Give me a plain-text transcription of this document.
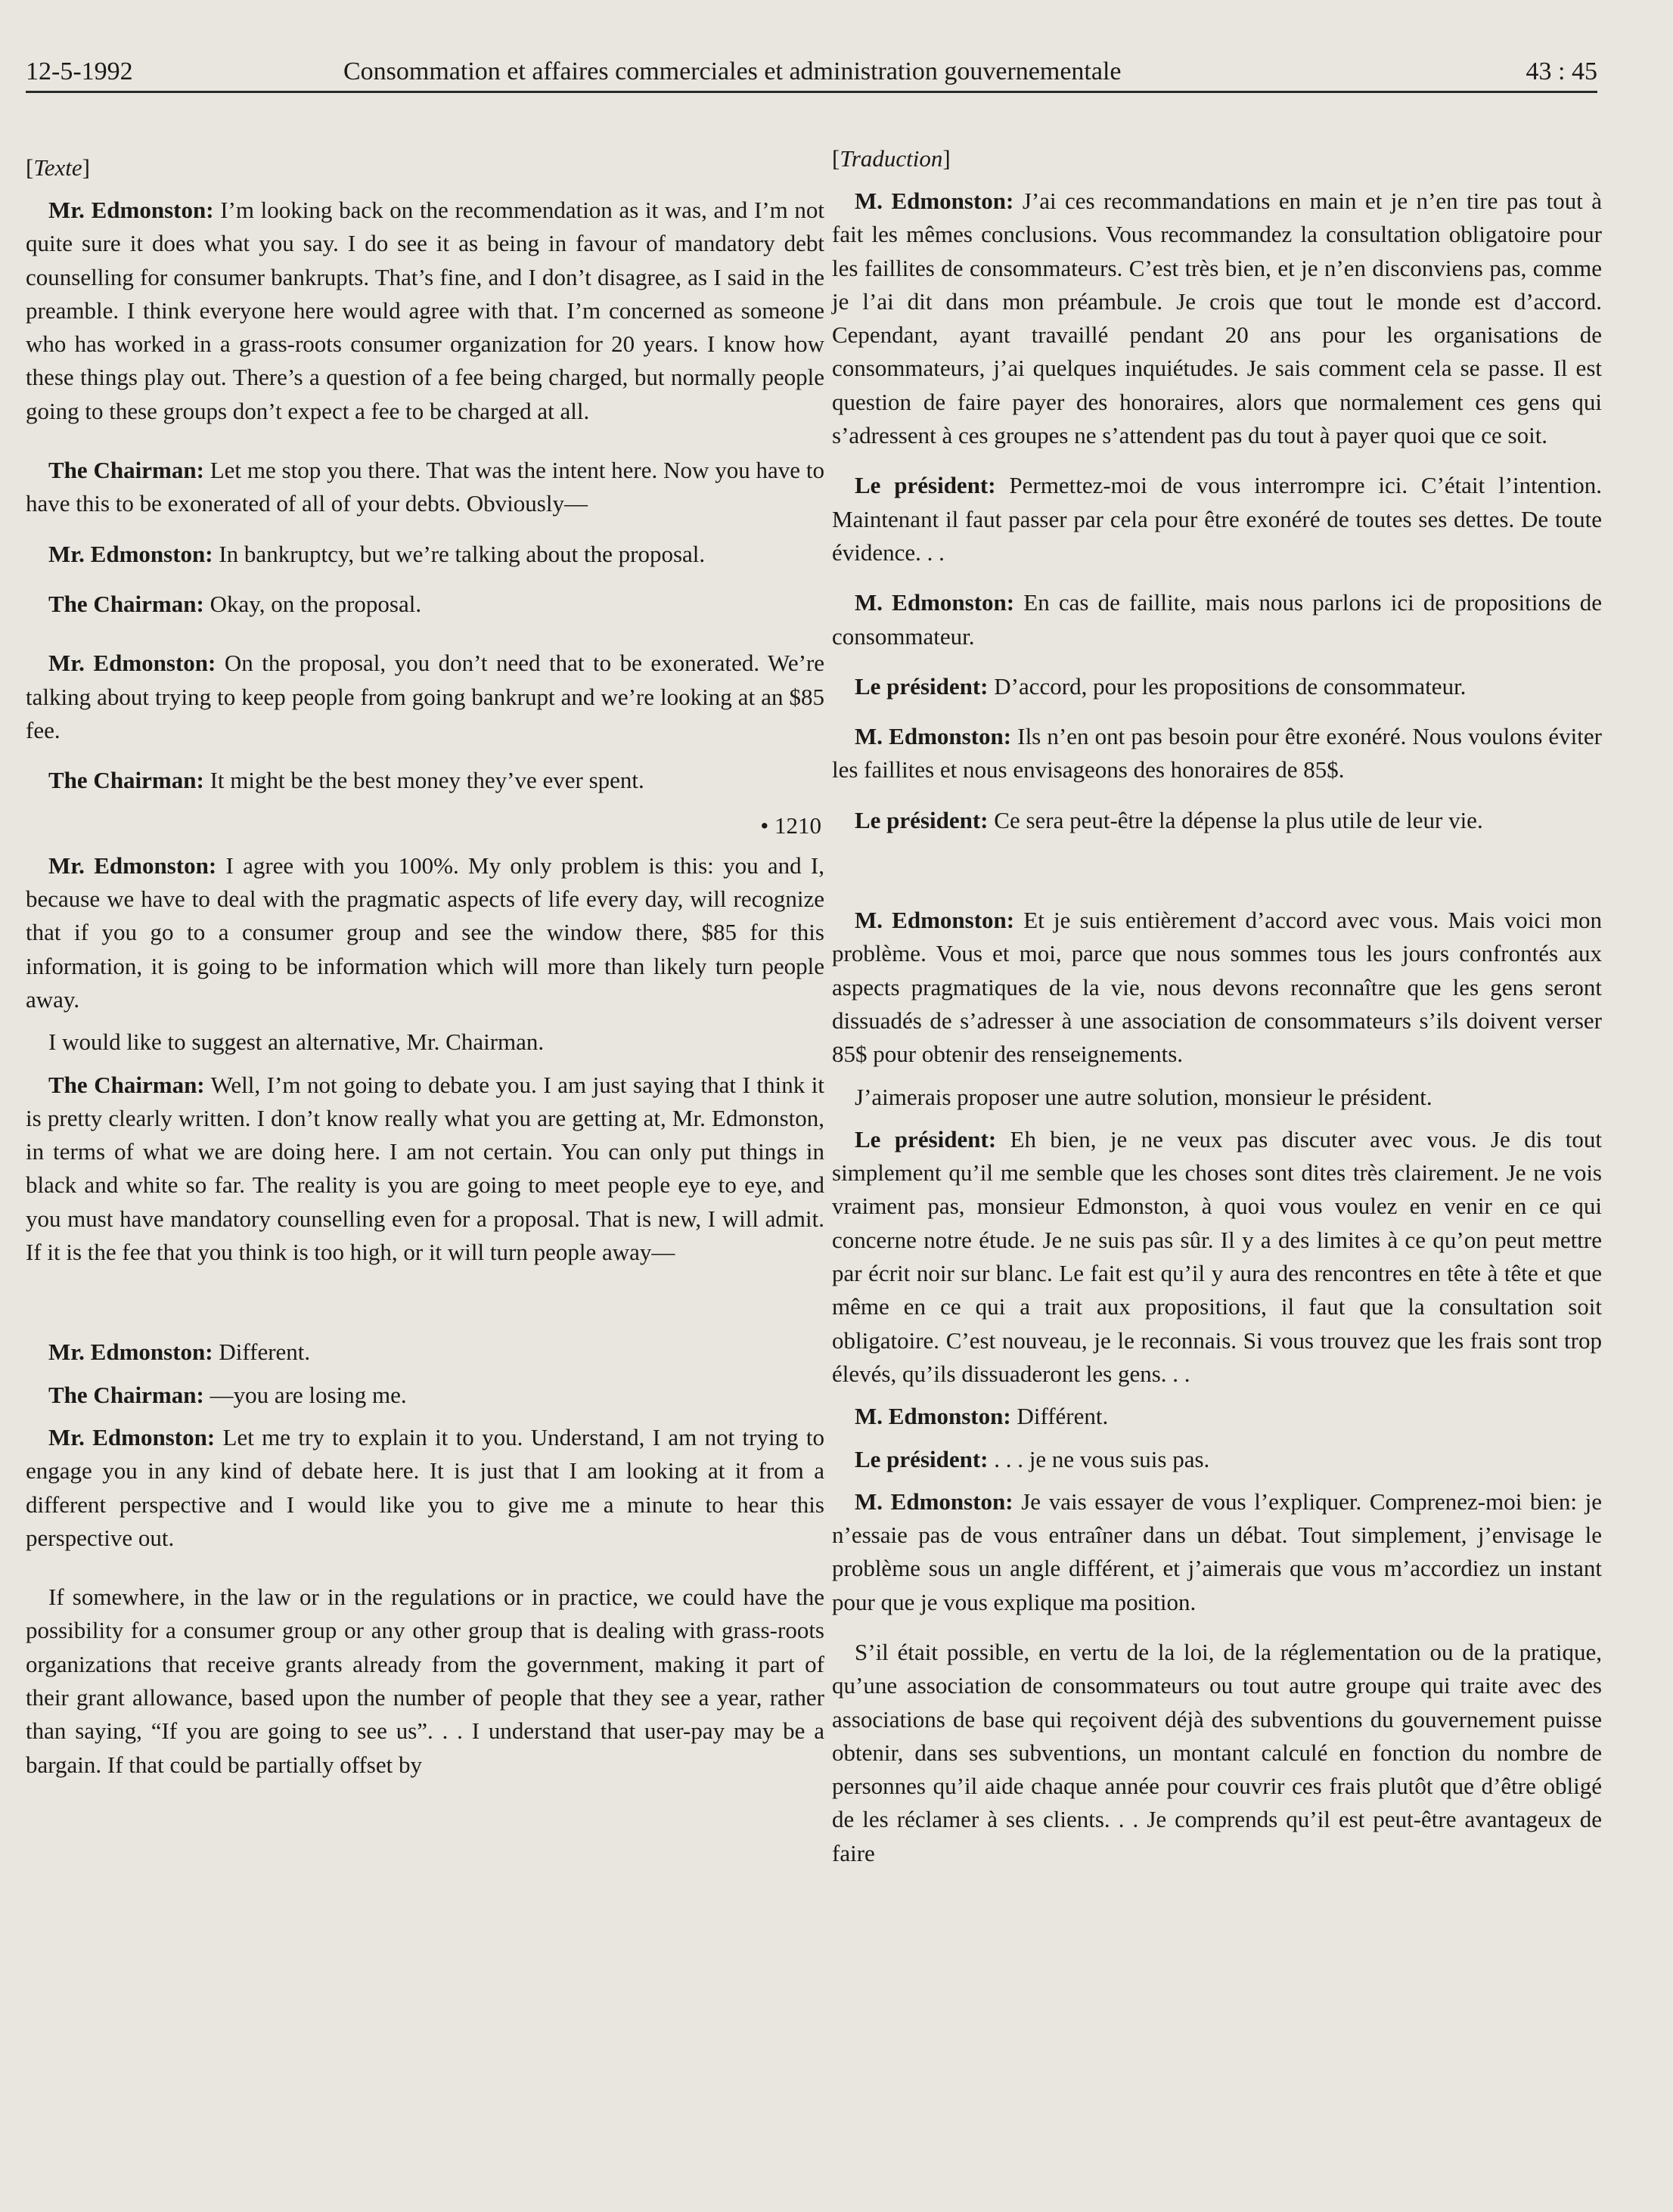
12-5-1992	Consommation et affaires commerciales et administration gouvernementale	43 : 45
[Texte]

Mr. Edmonston: I’m looking back on the recommendation as it was, and I’m not quite sure it does what you say. I do see it as being in favour of mandatory debt counselling for consumer bankrupts. That’s fine, and I don’t disagree, as I said in the preamble. I think everyone here would agree with that. I’m concerned as someone who has worked in a grass-roots consumer organization for 20 years. I know how these things play out. There’s a question of a fee being charged, but normally people going to these groups don’t expect a fee to be charged at all.

The Chairman: Let me stop you there. That was the intent here. Now you have to have this to be exonerated of all of your debts. Obviously—

Mr. Edmonston: In bankruptcy, but we’re talking about the proposal.

The Chairman: Okay, on the proposal.

Mr. Edmonston: On the proposal, you don’t need that to be exonerated. We’re talking about trying to keep people from going bankrupt and we’re looking at an $85 fee.

The Chairman: It might be the best money they’ve ever spent.

• 1210

Mr. Edmonston: I agree with you 100%. My only problem is this: you and I, because we have to deal with the pragmatic aspects of life every day, will recognize that if you go to a consumer group and see the window there, $85 for this information, it is going to be information which will more than likely turn people away.

I would like to suggest an alternative, Mr. Chairman.

The Chairman: Well, I’m not going to debate you. I am just saying that I think it is pretty clearly written. I don’t know really what you are getting at, Mr. Edmonston, in terms of what we are doing here. I am not certain. You can only put things in black and white so far. The reality is you are going to meet people eye to eye, and you must have mandatory counselling even for a proposal. That is new, I will admit. If it is the fee that you think is too high, or it will turn people away—

Mr. Edmonston: Different.

The Chairman: —you are losing me.

Mr. Edmonston: Let me try to explain it to you. Understand, I am not trying to engage you in any kind of debate here. It is just that I am looking at it from a different perspective and I would like you to give me a minute to hear this perspective out.

If somewhere, in the law or in the regulations or in practice, we could have the possibility for a consumer group or any other group that is dealing with grass-roots organizations that receive grants already from the government, making it part of their grant allowance, based upon the number of people that they see a year, rather than saying, “If you are going to see us”. . . I understand that user-pay may be a bargain. If that could be partially offset by

[Traduction]

M. Edmonston: J’ai ces recommandations en main et je n’en tire pas tout à fait les mêmes conclusions. Vous recommandez la consultation obligatoire pour les faillites de consommateurs. C’est très bien, et je n’en disconviens pas, comme je l’ai dit dans mon préambule. Je crois que tout le monde est d’accord. Cependant, ayant travaillé pendant 20 ans pour les organisations de consommateurs, j’ai quelques inquiétudes. Je sais comment cela se passe. Il est question de faire payer des honoraires, alors que normalement ces gens qui s’adressent à ces groupes ne s’attendent pas du tout à payer quoi que ce soit.

Le président: Permettez-moi de vous interrompre ici. C’était l’intention. Maintenant il faut passer par cela pour être exonéré de toutes ses dettes. De toute évidence. . .

M. Edmonston: En cas de faillite, mais nous parlons ici de propositions de consommateur.

Le président: D’accord, pour les propositions de consommateur.

M. Edmonston: Ils n’en ont pas besoin pour être exonéré. Nous voulons éviter les faillites et nous envisageons des honoraires de 85$.

Le président: Ce sera peut-être la dépense la plus utile de leur vie.

M. Edmonston: Et je suis entièrement d’accord avec vous. Mais voici mon problème. Vous et moi, parce que nous sommes tous les jours confrontés aux aspects pragmatiques de la vie, nous devons reconnaître que les gens seront dissuadés de s’adresser à une association de consommateurs s’ils doivent verser 85$ pour obtenir des renseignements.

J’aimerais proposer une autre solution, monsieur le président.

Le président: Eh bien, je ne veux pas discuter avec vous. Je dis tout simplement qu’il me semble que les choses sont dites très clairement. Je ne vois vraiment pas, monsieur Edmonston, à quoi vous voulez en venir en ce qui concerne notre étude. Je ne suis pas sûr. Il y a des limites à ce qu’on peut mettre par écrit noir sur blanc. Le fait est qu’il y aura des rencontres en tête à tête et que même en ce qui a trait aux propositions, il faut que la consultation soit obligatoire. C’est nouveau, je le reconnais. Si vous trouvez que les frais sont trop élevés, qu’ils dissuaderont les gens. . .

M. Edmonston: Différent.

Le président: . . . je ne vous suis pas.

M. Edmonston: Je vais essayer de vous l’expliquer. Comprenez-moi bien: je n’essaie pas de vous entraîner dans un débat. Tout simplement, j’envisage le problème sous un angle différent, et j’aimerais que vous m’accordiez un instant pour que je vous explique ma position.

S’il était possible, en vertu de la loi, de la réglementation ou de la pratique, qu’une association de consommateurs ou tout autre groupe qui traite avec des associations de base qui reçoivent déjà des subventions du gouvernement puisse obtenir, dans ses subventions, un montant calculé en fonction du nombre de personnes qu’il aide chaque année pour couvrir ces frais plutôt que d’être obligé de les réclamer à ses clients. . . Je comprends qu’il est peut-être avantageux de faire
